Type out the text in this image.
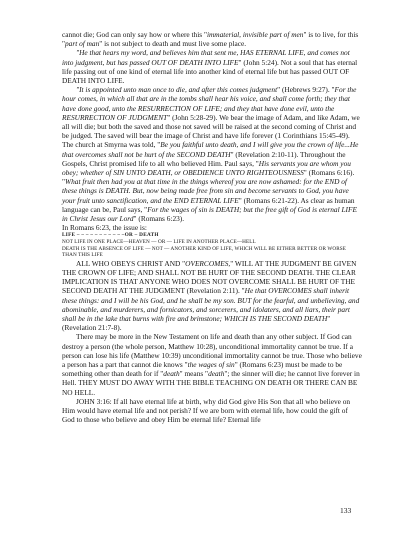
cannot die; God can only say how or where this "immaterial, invisible part of men" is to live, for this "part of man" is not subject to death and must live some place.

"He that hears my word, and believes him that sent me, HAS ETERNAL LIFE, and comes not into judgment, but has passed OUT OF DEATH INTO LIFE" (John 5:24). Not a soul that has eternal life passing out of one kind of eternal life into another kind of eternal life but has passed OUT OF DEATH INTO LIFE.

"It is appointed unto man once to die, and after this comes judgment" (Hebrews 9:27). "For the hour comes, in which all that are in the tombs shall hear his voice, and shall come forth; they that have done good, unto the RESURRECTION OF LIFE; and they that have done evil, unto the RESURRECTION OF JUDGMENT" (John 5:28-29). We bear the image of Adam, and like Adam, we all will die; but both the saved and those not saved will be raised at the second coming of Christ and be judged. The saved will bear the image of Christ and have life forever (1 Corinthians 15:45-49). The church at Smyrna was told, "Be you faithful unto death, and I will give you the crown of life...He that overcomes shall not be hurt of the SECOND DEATH" (Revelation 2:10-11). Throughout the Gospels, Christ promised life to all who believed Him. Paul says, "His servants you are whom you obey; whether of SIN UNTO DEATH, or OBEDIENCE UNTO RIGHTEOUSNESS" (Romans 6:16). "What fruit then had you at that time in the things whereof you are now ashamed: for the END of these things is DEATH. But, now being made free from sin and become servants to God, you have your fruit unto sanctification, and the END ETERNAL LIFE" (Romans 6:21-22). As clear as human language can be, Paul says, "For the wages of sin is DEATH; but the free gift of God is eternal LIFE in Christ Jesus our Lord" (Romans 6:23).

In Romans 6:23, the issue is:

LIFE – – – – – – – – – – –OR – DEATH

NOT LIFE IN ONE PLACE—HEAVEN — OR — LIFE IN ANOTHER PLACE—HELL

DEATH IS THE ABSENCE OF LIFE — NOT — ANOTHER KIND OF LIFE, WHICH WILL BE EITHER BETTER OR WORSE THAN THIS LIFE

ALL WHO OBEYS CHRIST AND "OVERCOMES," WILL AT THE JUDGMENT BE GIVEN THE CROWN OF LIFE; AND SHALL NOT BE HURT OF THE SECOND DEATH. THE CLEAR IMPLICATION IS THAT ANYONE WHO DOES NOT OVERCOME SHALL BE HURT OF THE SECOND DEATH AT THE JUDGMENT (Revelation 2:11). "He that OVERCOMES shall inherit these things: and I will be his God, and he shall be my son. BUT for the fearful, and unbelieving, and abominable, and murderers, and fornicators, and sorcerers, and idolaters, and all liars, their part shall be in the lake that burns with fire and brimstone; WHICH IS THE SECOND DEATH" (Revelation 21:7-8).

There may be more in the New Testament on life and death than any other subject. If God can destroy a person (the whole person, Matthew 10:28), unconditional immortality cannot be true. If a person can lose his life (Matthew 10:39) unconditional immortality cannot be true. Those who believe a person has a part that cannot die knows "the wages of sin" (Romans 6:23) must be made to be something other than death for if "death" means "death"; the sinner will die; he cannot live forever in Hell. THEY MUST DO AWAY WITH THE BIBLE TEACHING ON DEATH OR THERE CAN BE NO HELL.

JOHN 3:16: If all have eternal life at birth, why did God give His Son that all who believe on Him would have eternal life and not perish? If we are born with eternal life, how could the gift of God to those who believe and obey Him be eternal life? Eternal life

133
